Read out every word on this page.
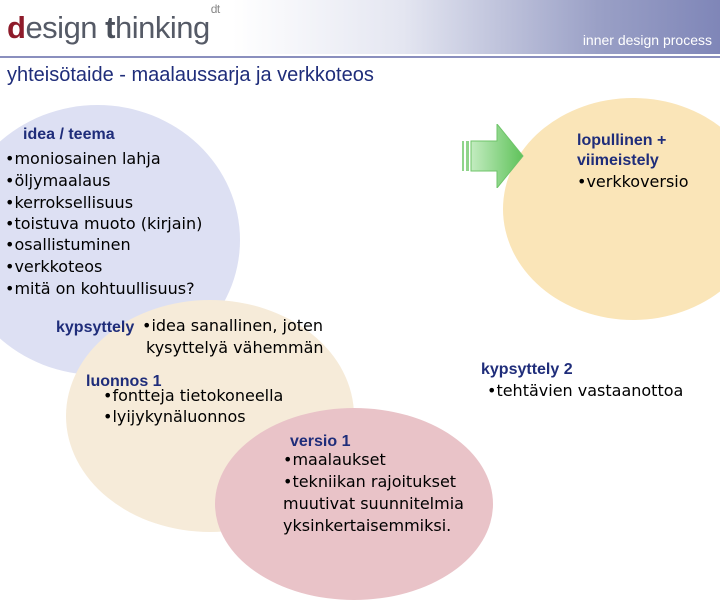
design thinking$^{dt}$
inner design process
yhteisötaide - maalaussarja ja verkkoteos
idea / teema
•moniosainen lahja
•öljymaalaus
•kerroksellisuus
•toistuva muoto (kirjain)
•osallistuminen
•verkkoteos
•mitä on kohtuullisuus?
kypsyttely •idea sanallinen, joten
kysyttelyä vähemmän
luonnos 1
•fontteja tietokoneella
•lyijykynäluonnos
kypsyttely 2
•tehtävien vastaanottoa
versio 1
•maalaukset
•tekniikan rajoitukset
muutivat suunnitelmia
yksinkertaisemmiksi.
lopullinen +
viimeistely
•verkkoversio
